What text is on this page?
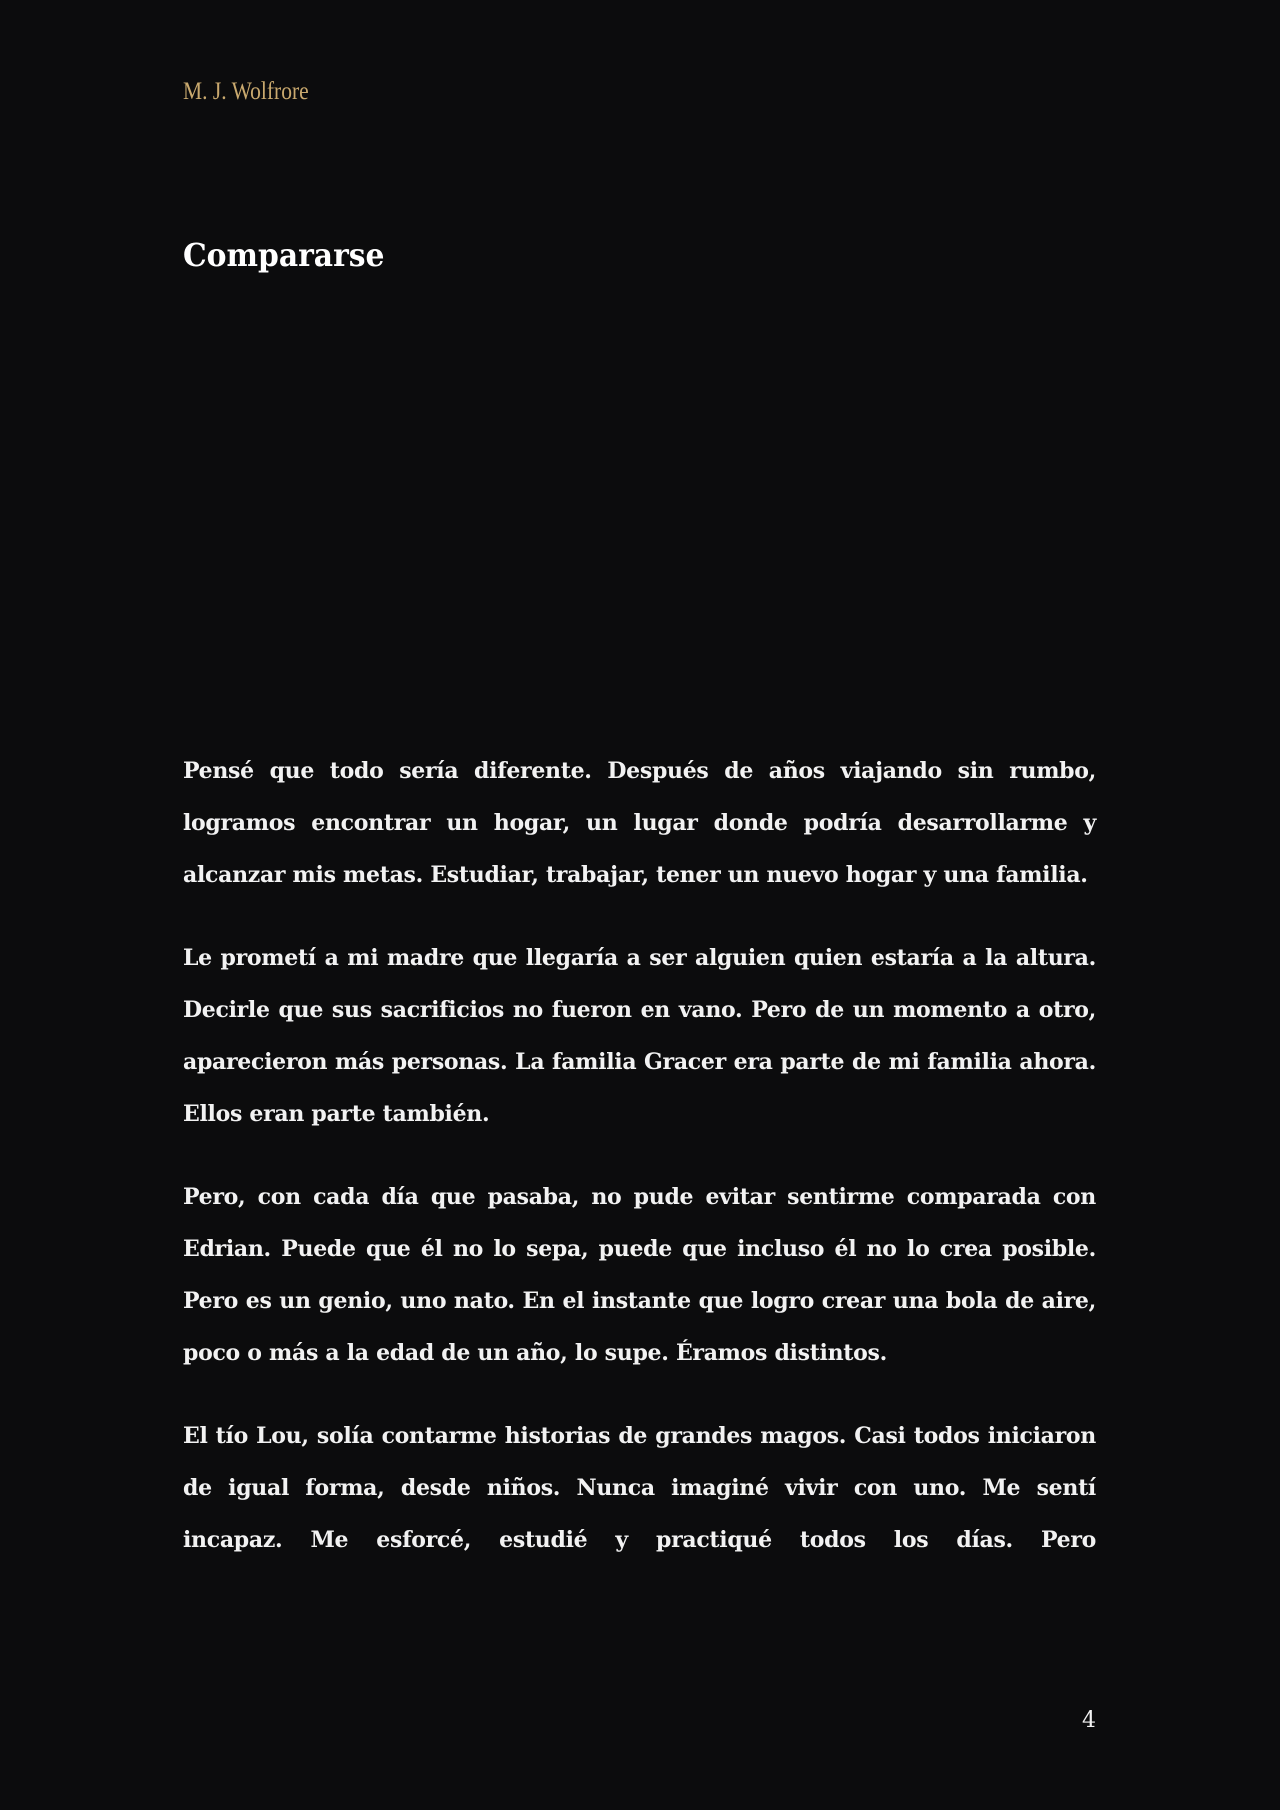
M. J. Wolfrore
Compararse

Pensé que todo sería diferente. Después de años viajando sin rumbo, logramos encontrar un hogar, un lugar donde podría desarrollarme y alcanzar mis metas. Estudiar, trabajar, tener un nuevo hogar y una familia.

Le prometí a mi madre que llegaría a ser alguien quien estaría a la altura. Decirle que sus sacrificios no fueron en vano. Pero de un momento a otro, aparecieron más personas. La familia Gracer era parte de mi familia ahora. Ellos eran parte también.

Pero, con cada día que pasaba, no pude evitar sentirme comparada con Edrian. Puede que él no lo sepa, puede que incluso él no lo crea posible. Pero es un genio, uno nato. En el instante que logro crear una bola de aire, poco o más a la edad de un año, lo supe. Éramos distintos.

El tío Lou, solía contarme historias de grandes magos. Casi todos iniciaron de igual forma, desde niños. Nunca imaginé vivir con uno. Me sentí incapaz. Me esforcé, estudié y practiqué todos los días. Pero

4
